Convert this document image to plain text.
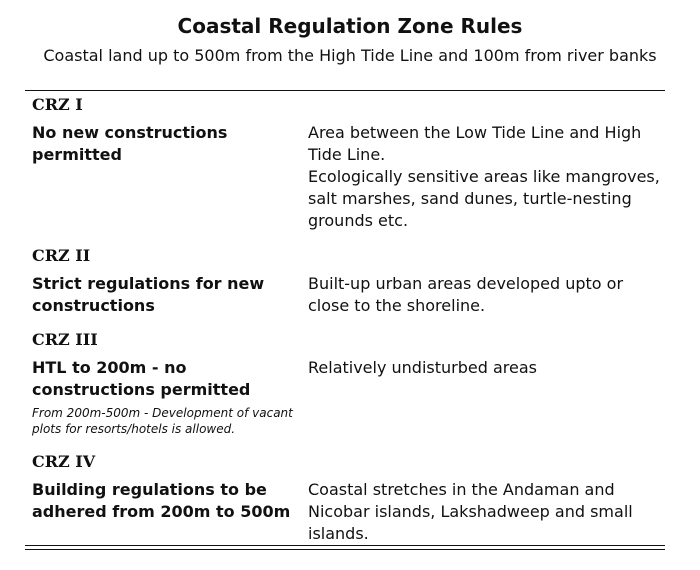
Coastal Regulation Zone Rules
Coastal land up to 500m from the High Tide Line and 100m from river banks
CRZ I
No new constructions permitted
Area between the Low Tide Line and High Tide Line.
Ecologically sensitive areas like mangroves, salt marshes, sand dunes, turtle-nesting grounds etc.
CRZ II
Strict regulations for new constructions
Built-up urban areas developed upto or close to the shoreline.
CRZ III
HTL to 200m - no constructions permitted
From 200m-500m - Development of vacant plots for resorts/hotels is allowed.
Relatively undisturbed areas
CRZ IV
Building regulations to be adhered from 200m to 500m
Coastal stretches in the Andaman and Nicobar islands, Lakshadweep and small islands.
